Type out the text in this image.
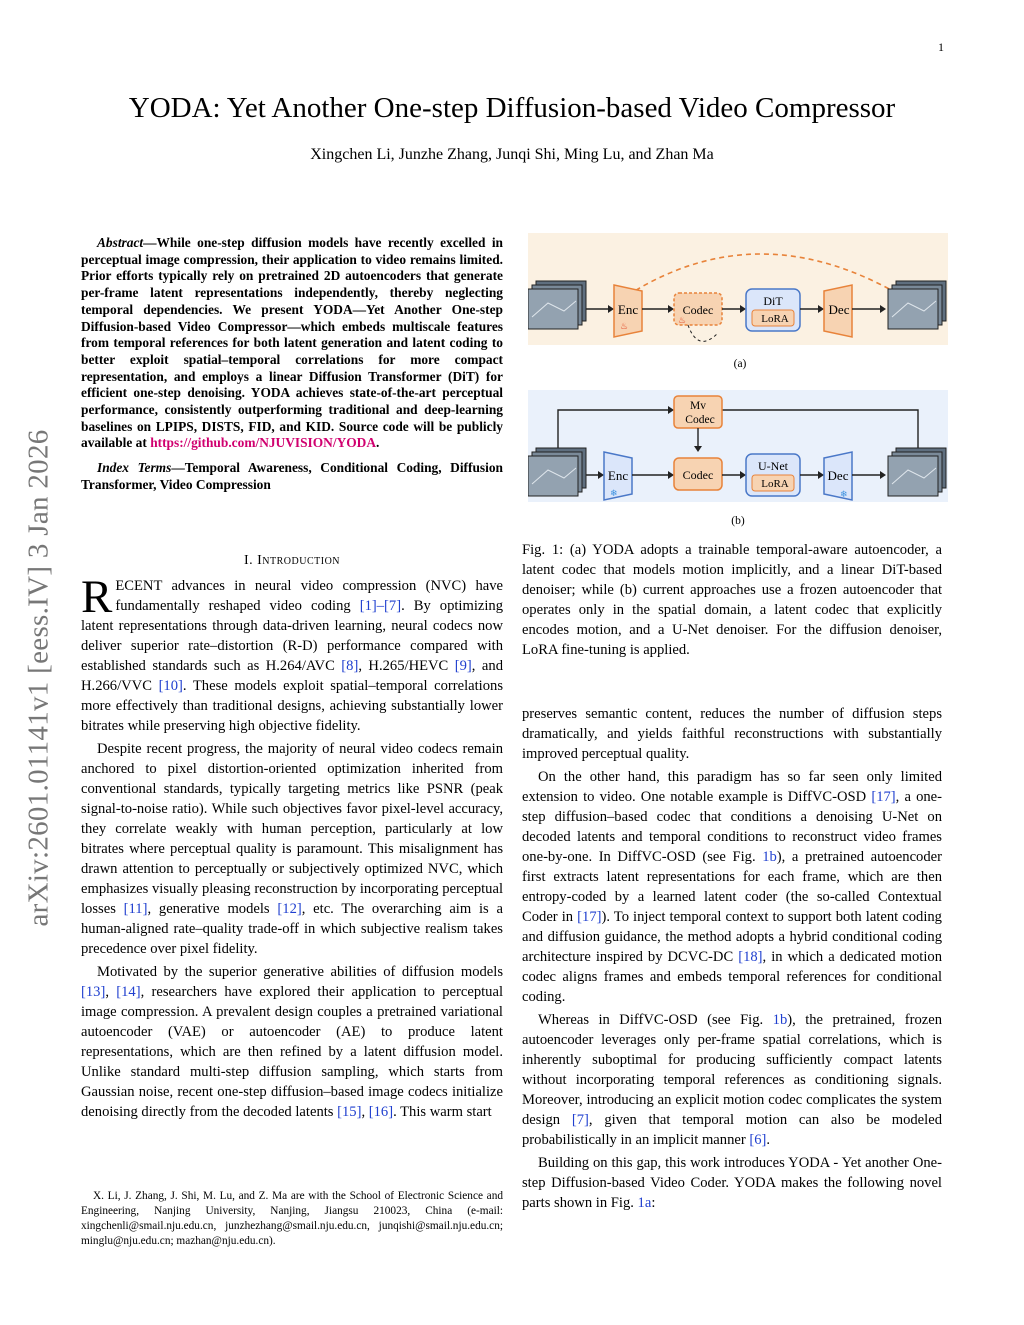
1
arXiv:2601.01141v1 [eess.IV] 3 Jan 2026
YODA: Yet Another One-step Diffusion-based Video Compressor
Xingchen Li, Junzhe Zhang, Junqi Shi, Ming Lu, and Zhan Ma

Abstract—While one-step diffusion models have recently excelled in perceptual image compression, their application to video remains limited. Prior efforts typically rely on pretrained 2D autoencoders that generate per-frame latent representations independently, thereby neglecting temporal dependencies. We present YODA—Yet Another One-step Diffusion-based Video Compressor—which embeds multiscale features from temporal references for both latent generation and latent coding to better exploit spatial–temporal correlations for more compact representation, and employs a linear Diffusion Transformer (DiT) for efficient one-step denoising. YODA achieves state-of-the-art perceptual performance, consistently outperforming traditional and deep-learning baselines on LPIPS, DISTS, FID, and KID. Source code will be publicly available at https://github.com/NJUVISION/YODA.

Index Terms—Temporal Awareness, Conditional Coding, Diffusion Transformer, Video Compression

I. Introduction

RECENT advances in neural video compression (NVC) have fundamentally reshaped video coding [1]–[7]. By optimizing latent representations through data-driven learning, neural codecs now deliver superior rate–distortion (R-D) performance compared with established standards such as H.264/AVC [8], H.265/HEVC [9], and H.266/VVC [10]. These models exploit spatial–temporal correlations more effectively than traditional designs, achieving substantially lower bitrates while preserving high objective fidelity.

Despite recent progress, the majority of neural video codecs remain anchored to pixel distortion-oriented optimization inherited from conventional standards, typically targeting metrics like PSNR (peak signal-to-noise ratio). While such objectives favor pixel-level accuracy, they correlate weakly with human perception, particularly at low bitrates where perceptual quality is paramount. This misalignment has drawn attention to perceptually or subjectively optimized NVC, which emphasizes visually pleasing reconstruction by incorporating perceptual losses [11], generative models [12], etc. The overarching aim is a human-aligned rate–quality trade-off in which subjective realism takes precedence over pixel fidelity.

Motivated by the superior generative abilities of diffusion models [13], [14], researchers have explored their application to perceptual image compression. A prevalent design couples a pretrained variational autoencoder (VAE) or autoencoder (AE) to produce latent representations, which are then refined by a latent diffusion model. Unlike standard multi-step diffusion sampling, which starts from Gaussian noise, recent one-step diffusion–based image codecs initialize denoising directly from the decoded latents [15], [16]. This warm start

X. Li, J. Zhang, J. Shi, M. Lu, and Z. Ma are with the School of Electronic Science and Engineering, Nanjing University, Nanjing, Jiangsu 210023, China (e-mail: xingchenli@smail.nju.edu.cn, junzhezhang@smail.nju.edu.cn, junqishi@smail.nju.edu.cn; minglu@nju.edu.cn; mazhan@nju.edu.cn).

Enc
♨
Codec
♨
DiT
LoRA
Dec
(a)
Mv
Codec
Enc
❄
Codec
U-Net
LoRA
Dec
❄
(b)

Fig. 1: (a) YODA adopts a trainable temporal-aware autoencoder, a latent codec that models motion implicitly, and a linear DiT-based denoiser; while (b) current approaches use a frozen autoencoder that operates only in the spatial domain, a latent codec that explicitly encodes motion, and a U-Net denoiser. For the diffusion denoiser, LoRA fine-tuning is applied.

preserves semantic content, reduces the number of diffusion steps dramatically, and yields faithful reconstructions with substantially improved perceptual quality.

On the other hand, this paradigm has so far seen only limited extension to video. One notable example is DiffVC-OSD [17], a one-step diffusion–based codec that conditions a denoising U-Net on decoded latents and temporal conditions to reconstruct video frames one-by-one. In DiffVC-OSD (see Fig. 1b), a pretrained autoencoder first extracts latent representations for each frame, which are then entropy-coded by a learned latent coder (the so-called Contextual Coder in [17]). To inject temporal context to support both latent coding and diffusion guidance, the method adopts a hybrid conditional coding architecture inspired by DCVC-DC [18], in which a dedicated motion codec aligns frames and embeds temporal references for conditional coding.

Whereas in DiffVC-OSD (see Fig. 1b), the pretrained, frozen autoencoder leverages only per-frame spatial correlations, which is inherently suboptimal for producing sufficiently compact latents without incorporating temporal references as conditioning signals. Moreover, introducing an explicit motion codec complicates the system design [7], given that temporal motion can also be modeled probabilistically in an implicit manner [6].

Building on this gap, this work introduces YODA - Yet another One-step Diffusion-based Video Coder. YODA makes the following novel parts shown in Fig. 1a:
